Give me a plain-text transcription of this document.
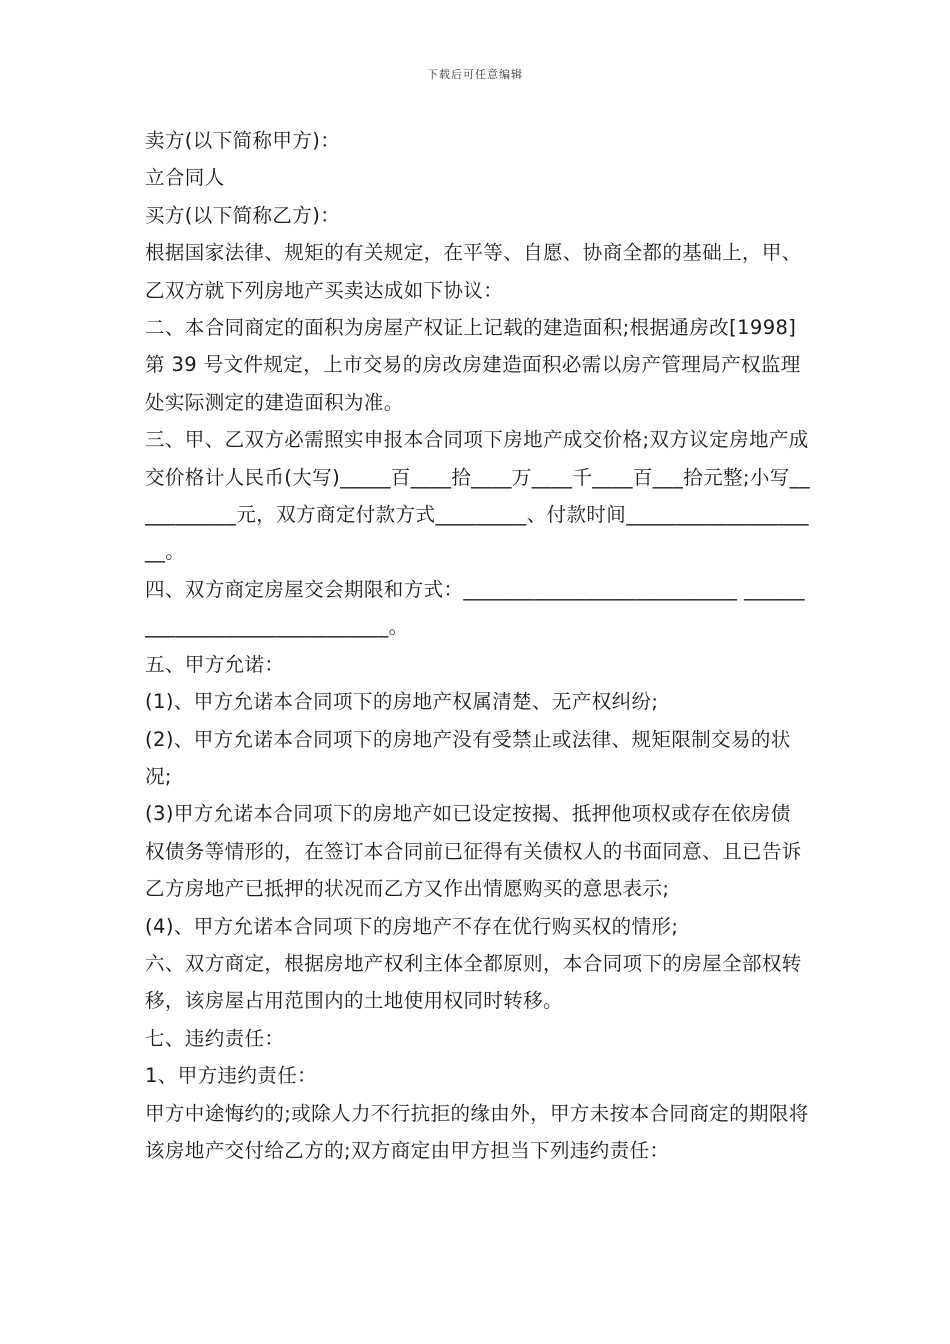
下载后可任意编辑

卖方(以下简称甲方)：

立合同人

买方(以下简称乙方)：

根据国家法律、规矩的有关规定，在平等、自愿、协商全都的基础上，甲、乙双方就下列房地产买卖达成如下协议：

二、本合同商定的面积为房屋产权证上记载的建造面积;根据通房改[1998]第 39 号文件规定，上市交易的房改房建造面积必需以房产管理局产权监理处实际测定的建造面积为准。

三、甲、乙双方必需照实申报本合同项下房地产成交价格;双方议定房地产成交价格计人民币(大写)_____百____拾____万____千____百___拾元整;小写___________元，双方商定付款方式_________、付款时间____________________。

四、双方商定房屋交会期限和方式：___________________________ ______________________________。

五、甲方允诺：

(1)、甲方允诺本合同项下的房地产权属清楚、无产权纠纷;

(2)、甲方允诺本合同项下的房地产没有受禁止或法律、规矩限制交易的状况;

(3)甲方允诺本合同项下的房地产如已设定按揭、抵押他项权或存在依房债权债务等情形的，在签订本合同前已征得有关债权人的书面同意、且已告诉乙方房地产已抵押的状况而乙方又作出情愿购买的意思表示;

(4)、甲方允诺本合同项下的房地产不存在优行购买权的情形;

六、双方商定，根据房地产权利主体全都原则，本合同项下的房屋全部权转移，该房屋占用范围内的土地使用权同时转移。

七、违约责任：

1、甲方违约责任：

甲方中途悔约的;或除人力不行抗拒的缘由外，甲方未按本合同商定的期限将该房地产交付给乙方的;双方商定由甲方担当下列违约责任：
